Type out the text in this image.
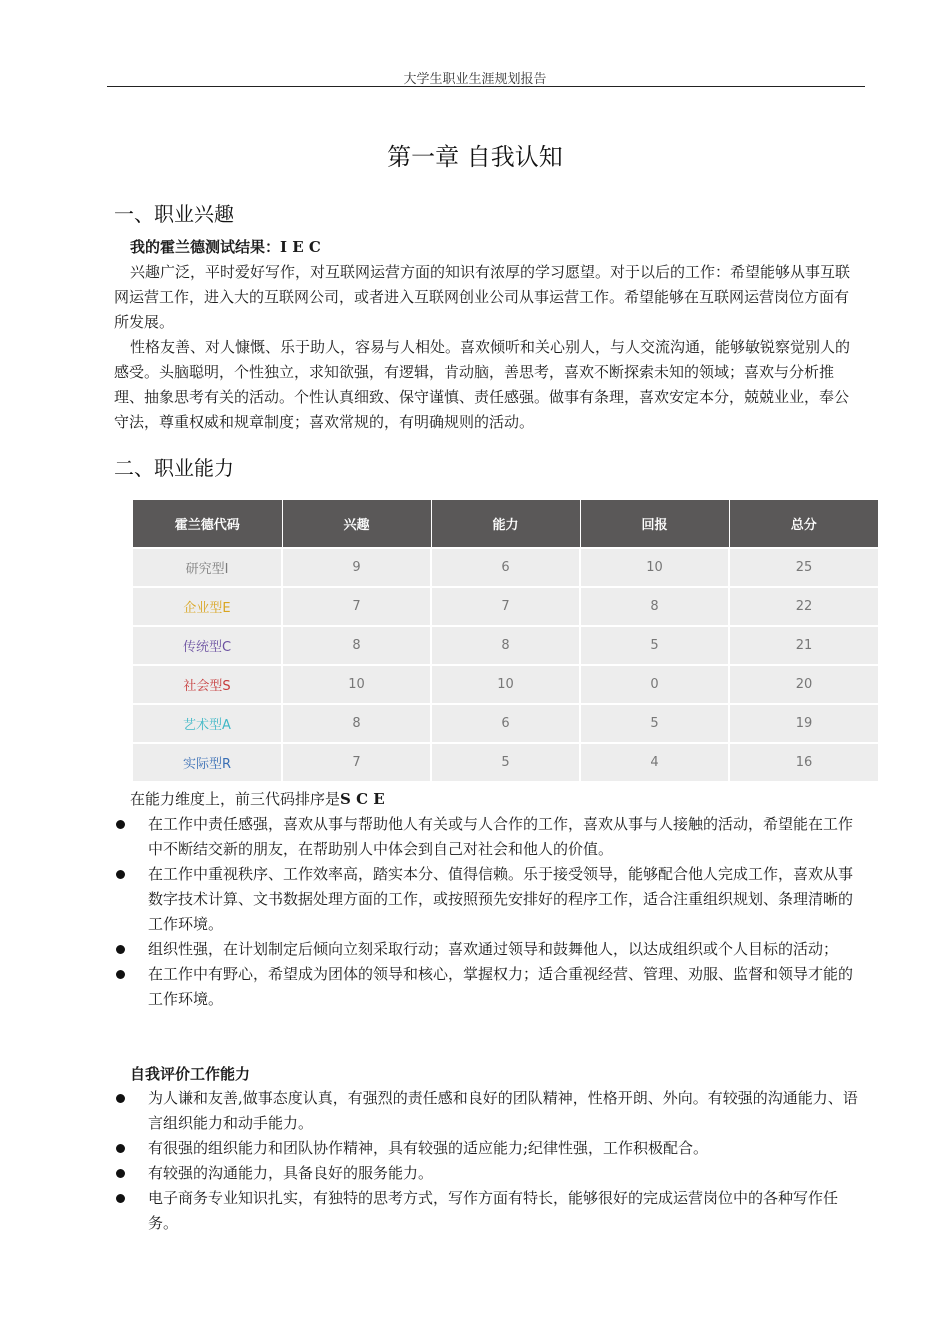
大学生职业生涯规划报告
第一章 自我认知
一、职业兴趣
我的霍兰德测试结果：I E C

兴趣广泛，平时爱好写作，对互联网运营方面的知识有浓厚的学习愿望。对于以后的工作：希望能够从事互联网运营工作，进入大的互联网公司，或者进入互联网创业公司从事运营工作。希望能够在互联网运营岗位方面有所发展。

性格友善、对人慷慨、乐于助人，容易与人相处。喜欢倾听和关心别人，与人交流沟通，能够敏锐察觉别人的感受。头脑聪明，个性独立，求知欲强，有逻辑，肯动脑，善思考，喜欢不断探索未知的领域；喜欢与分析推理、抽象思考有关的活动。个性认真细致、保守谨慎、责任感强。做事有条理，喜欢安定本分，兢兢业业，奉公守法，尊重权威和规章制度；喜欢常规的，有明确规则的活动。

二、职业能力
霍兰德代码	兴趣	能力	回报	总分
研究型I	9	6	10	25
企业型E	7	7	8	22
传统型C	8	8	5	21
社会型S	10	10	0	20
艺术型A	8	6	5	19
实际型R	7	5	4	16
在能力维度上，前三代码排序是S C E
在工作中责任感强，喜欢从事与帮助他人有关或与人合作的工作，喜欢从事与人接触的活动，希望能在工作中不断结交新的朋友，在帮助别人中体会到自己对社会和他人的价值。
在工作中重视秩序、工作效率高，踏实本分、值得信赖。乐于接受领导，能够配合他人完成工作，喜欢从事数字技术计算、文书数据处理方面的工作，或按照预先安排好的程序工作，适合注重组织规划、条理清晰的工作环境。
组织性强，在计划制定后倾向立刻采取行动；喜欢通过领导和鼓舞他人，以达成组织或个人目标的活动；
在工作中有野心，希望成为团体的领导和核心，掌握权力；适合重视经营、管理、劝服、监督和领导才能的工作环境。
自我评价工作能力
为人谦和友善,做事态度认真，有强烈的责任感和良好的团队精神，性格开朗、外向。有较强的沟通能力、语言组织能力和动手能力。
有很强的组织能力和团队协作精神，具有较强的适应能力;纪律性强，工作积极配合。
有较强的沟通能力，具备良好的服务能力。
电子商务专业知识扎实，有独特的思考方式，写作方面有特长，能够很好的完成运营岗位中的各种写作任务。
